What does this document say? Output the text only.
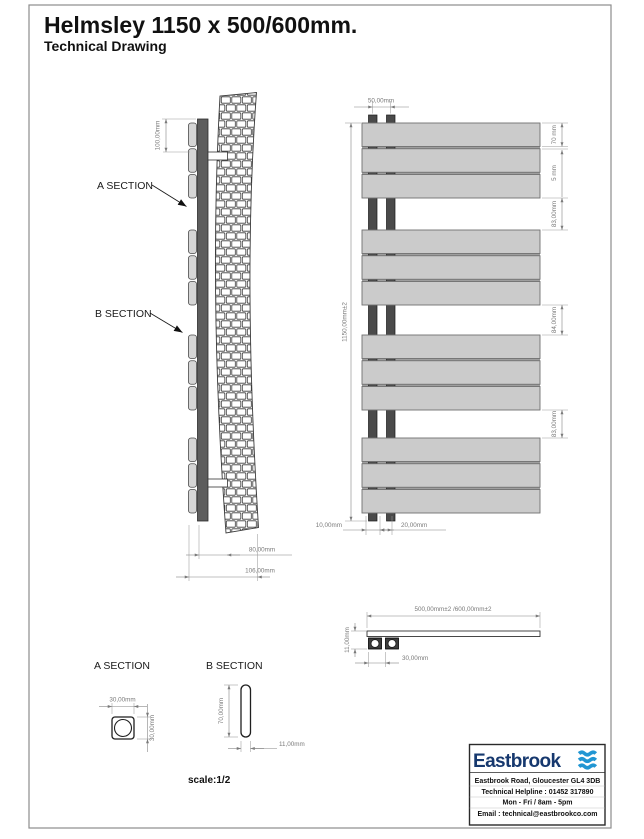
Helmsley 1150 x 500/600mm.
Technical Drawing
100,00mm
A SECTION
B SECTION
80,00mm
106,00mm
50,00mm
1150,00mm±2
70 mm
5 mm
83,00mm
84,00mm
83,00mm
10,00mm	20,00mm
500,00mm±2 /600,00mm±2
11,00mm
30,00mm
A SECTION
30,00mm
30,00mm
B SECTION
70,00mm
11,00mm
scale:1/2
Eastbrook
Eastbrook Road, Gloucester GL4 3DB
Technical Helpline : 01452 317890
Mon - Fri / 8am - 5pm
Email : technical@eastbrookco.com
